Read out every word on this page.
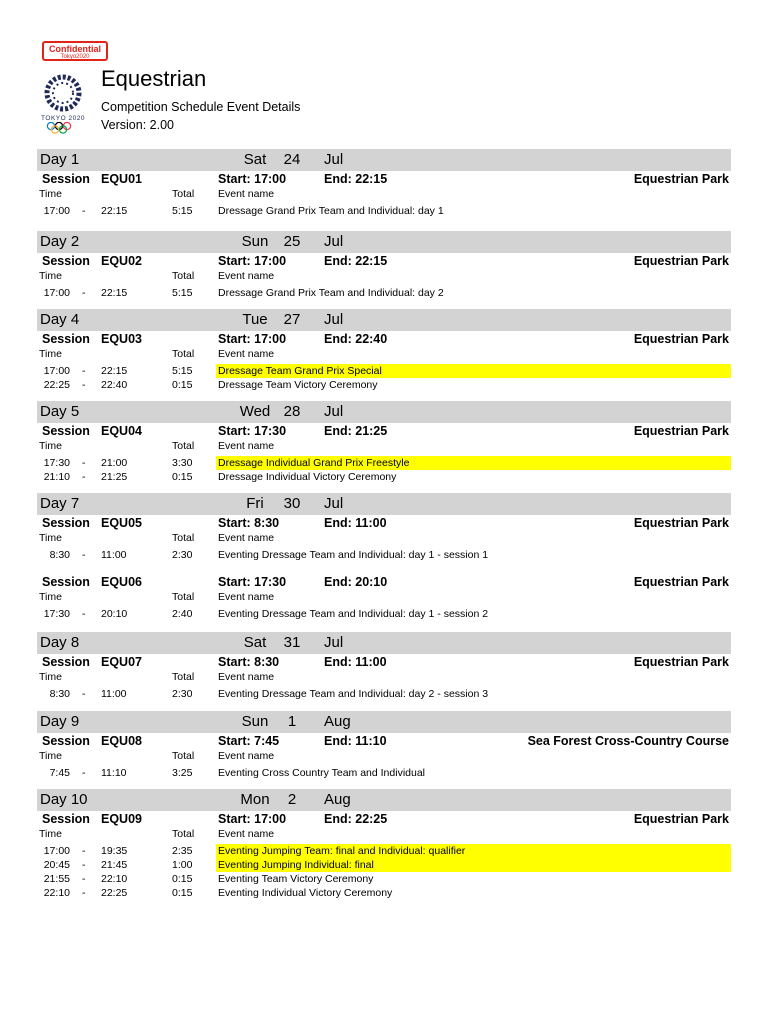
Confidential
Tokyo2020
TOKYO 2020
Equestrian
Competition Schedule Event Details
Version: 2.00
Day 1	Sat	24	Jul
Session EQU01	Start: 17:00	End: 22:15	Equestrian Park
Time	Total Event name
17:00 - 22:15	5:15 Dressage Grand Prix Team and Individual: day 1
Day 2	Sun	25	Jul
Session EQU02	Start: 17:00	End: 22:15	Equestrian Park
Time	Total Event name
17:00 - 22:15	5:15 Dressage Grand Prix Team and Individual: day 2
Day 4	Tue	27	Jul
Session EQU03	Start: 17:00	End: 22:40	Equestrian Park
Time	Total Event name
17:00 - 22:15	5:15 Dressage Team Grand Prix Special
22:25 - 22:40	0:15 Dressage Team Victory Ceremony
Day 5	Wed 28	Jul
Session EQU04	Start: 17:30	End: 21:25	Equestrian Park
Time	Total Event name
17:30 - 21:00	3:30 Dressage Individual Grand Prix Freestyle
21:10 - 21:25	0:15 Dressage Individual Victory Ceremony
Day 7	Fri	30	Jul
Session EQU05	Start: 8:30	End: 11:00	Equestrian Park
Time	Total Event name
8:30 - 11:00	2:30 Eventing Dressage Team and Individual: day 1 - session 1
Session EQU06	Start: 17:30	End: 20:10	Equestrian Park
Time	Total Event name
17:30 - 20:10	2:40 Eventing Dressage Team and Individual: day 1 - session 2
Day 8	Sat	31	Jul
Session EQU07	Start: 8:30	End: 11:00	Equestrian Park
Time	Total Event name
8:30 - 11:00	2:30 Eventing Dressage Team and Individual: day 2 - session 3
Day 9	Sun	1	Aug
Session EQU08	Start: 7:45	End: 11:10	Sea Forest Cross-Country Course
Time	Total Event name
7:45 - 11:10	3:25 Eventing Cross Country Team and Individual
Day 10	Mon	2	Aug
Session EQU09	Start: 17:00	End: 22:25	Equestrian Park
Time	Total Event name
17:00 - 19:35	2:35 Eventing Jumping Team: final and Individual: qualifier
20:45 - 21:45	1:00 Eventing Jumping Individual: final
21:55 - 22:10	0:15 Eventing Team Victory Ceremony
22:10 - 22:25	0:15 Eventing Individual Victory Ceremony
